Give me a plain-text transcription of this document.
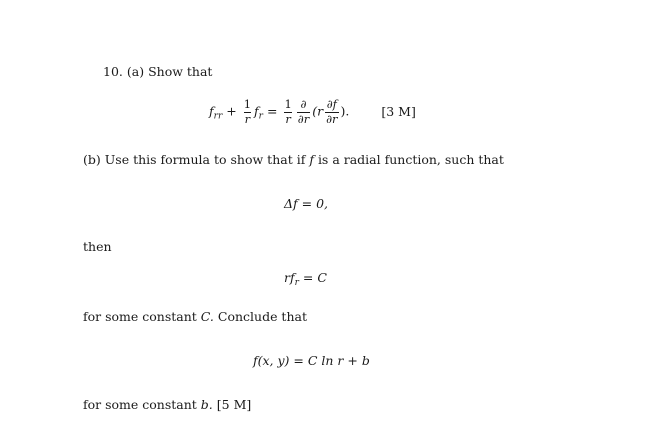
10. (a) Show that
$f_{rr} + \frac{1}{r} f_r = \frac{1}{r} \frac{\partial}{\partial r} (r \frac{\partial f}{\partial r}$ ).	[3 M]
(b) Use this formula to show that if f is a radial function, such that
Δf = 0,
then
$rf_r = C$
for some constant C. Conclude that
f(x, y) = C ln r + b
for some constant b. [5 M]
